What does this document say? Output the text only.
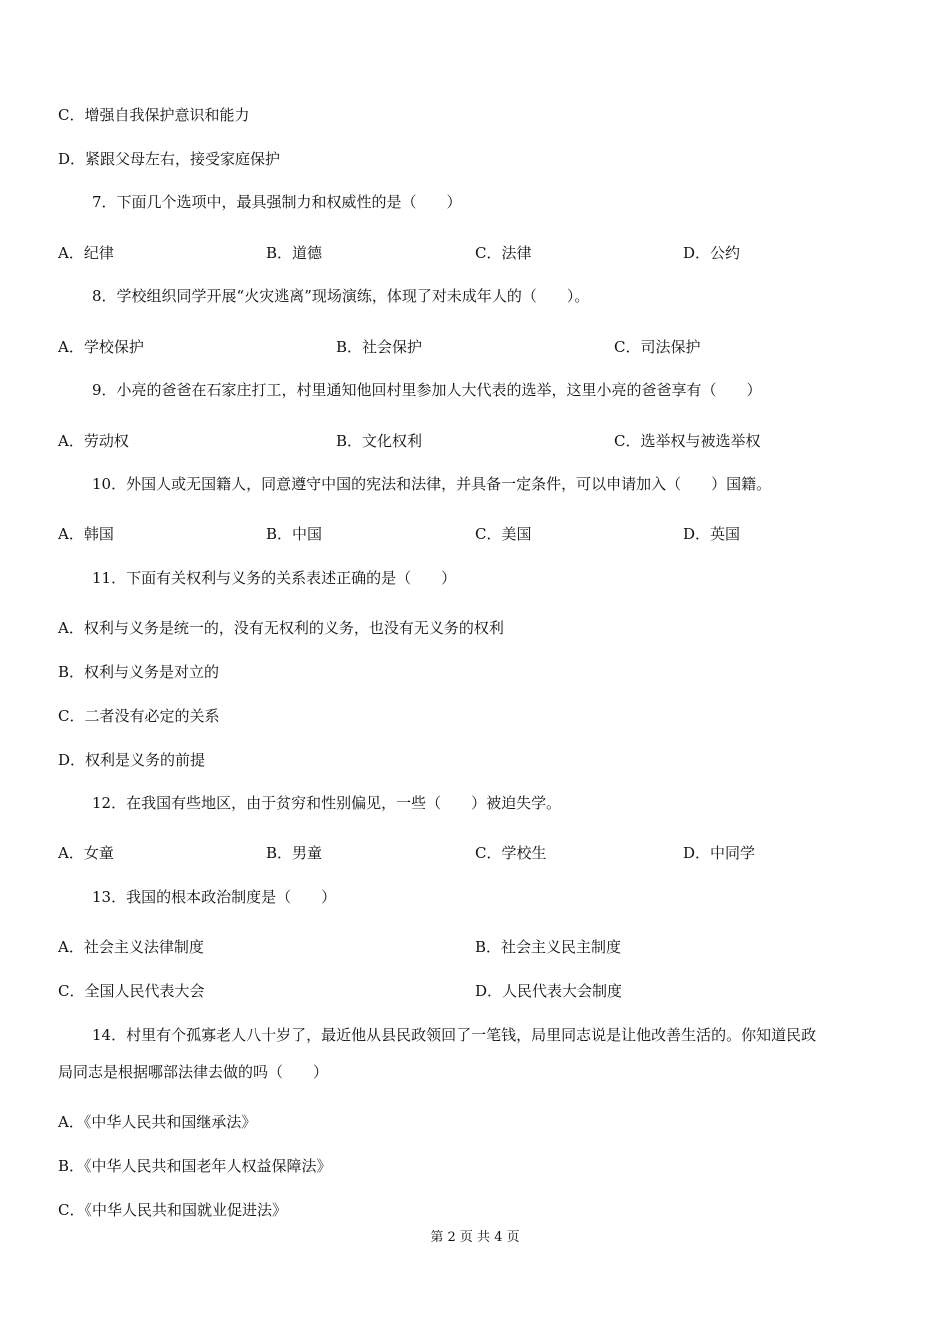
C．增强自我保护意识和能力
D．紧跟父母左右，接受家庭保护
7．下面几个选项中，最具强制力和权威性的是（　　）
A．纪律	B．道德	C．法律	D．公约
8．学校组织同学开展“火灾逃离”现场演练，体现了对未成年人的（　　）。
A．学校保护	B．社会保护	C．司法保护
9．小亮的爸爸在石家庄打工，村里通知他回村里参加人大代表的选举，这里小亮的爸爸享有（　　）
A．劳动权	B．文化权利	C．选举权与被选举权
10．外国人或无国籍人，同意遵守中国的宪法和法律，并具备一定条件，可以申请加入（　　）国籍。
A．韩国	B．中国	C．美国	D．英国
11．下面有关权利与义务的关系表述正确的是（　　）
A．权利与义务是统一的，没有无权利的义务，也没有无义务的权利
B．权利与义务是对立的
C．二者没有必定的关系
D．权利是义务的前提
12．在我国有些地区，由于贫穷和性别偏见，一些（　　）被迫失学。
A．女童	B．男童	C．学校生	D．中同学
13．我国的根本政治制度是（　　）
A．社会主义法律制度	B．社会主义民主制度
C．全国人民代表大会	D．人民代表大会制度
14．村里有个孤寡老人八十岁了，最近他从县民政领回了一笔钱，局里同志说是让他改善生活的。你知道民政
局同志是根据哪部法律去做的吗（　　）
A．《中华人民共和国继承法》
B．《中华人民共和国老年人权益保障法》
C．《中华人民共和国就业促进法》
第 2 页 共 4 页
